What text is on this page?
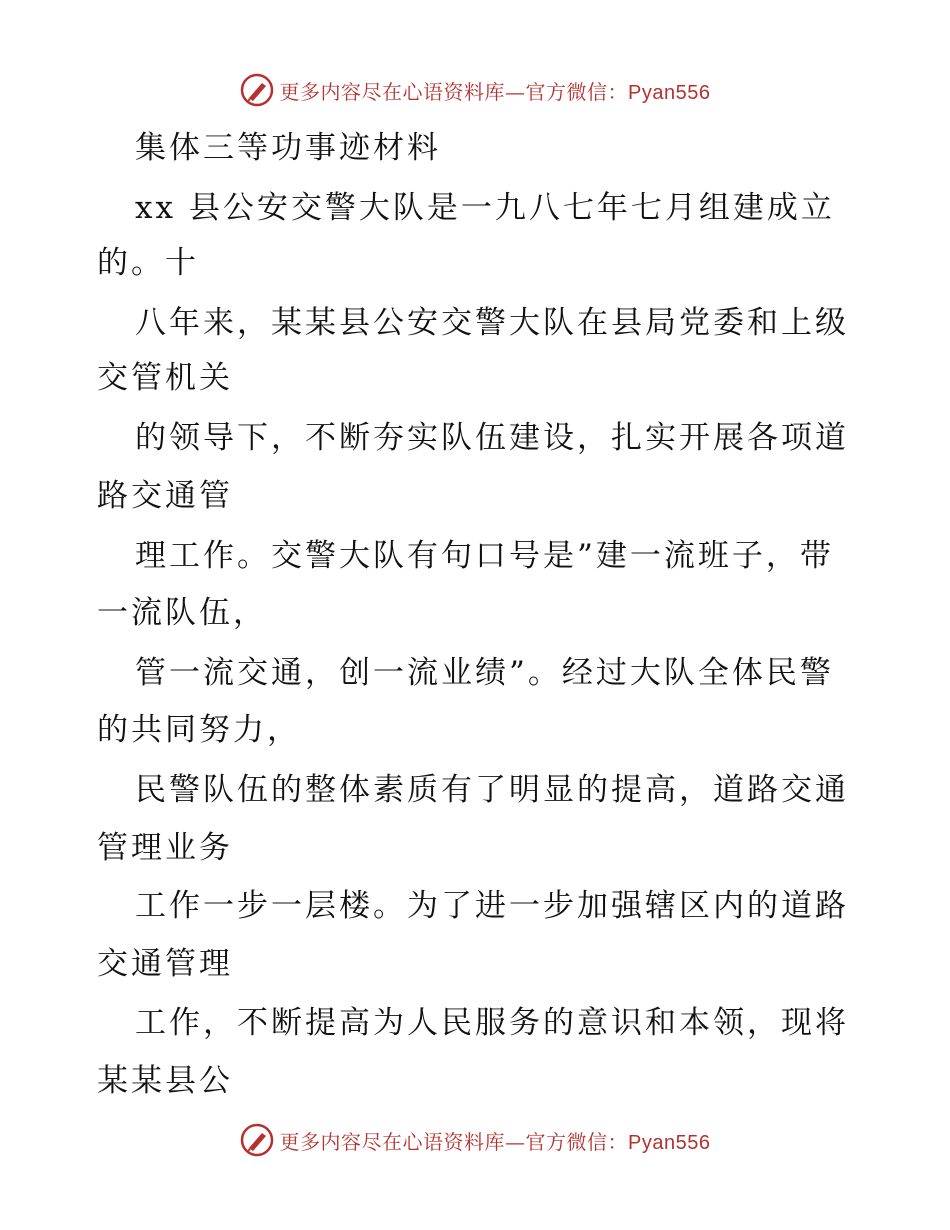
更多内容尽在心语资料库—官方微信：Pyan556
集体三等功事迹材料
xx 县公安交警大队是一九八七年七月组建成立
的。十
八年来，某某县公安交警大队在县局党委和上级
交管机关
的领导下，不断夯实队伍建设，扎实开展各项道
路交通管
理工作。交警大队有句口号是”建一流班子，带
一流队伍，
管一流交通，创一流业绩”。经过大队全体民警
的共同努力，
民警队伍的整体素质有了明显的提高，道路交通
管理业务
工作一步一层楼。为了进一步加强辖区内的道路
交通管理
工作，不断提高为人民服务的意识和本领，现将
某某县公
更多内容尽在心语资料库—官方微信：Pyan556
